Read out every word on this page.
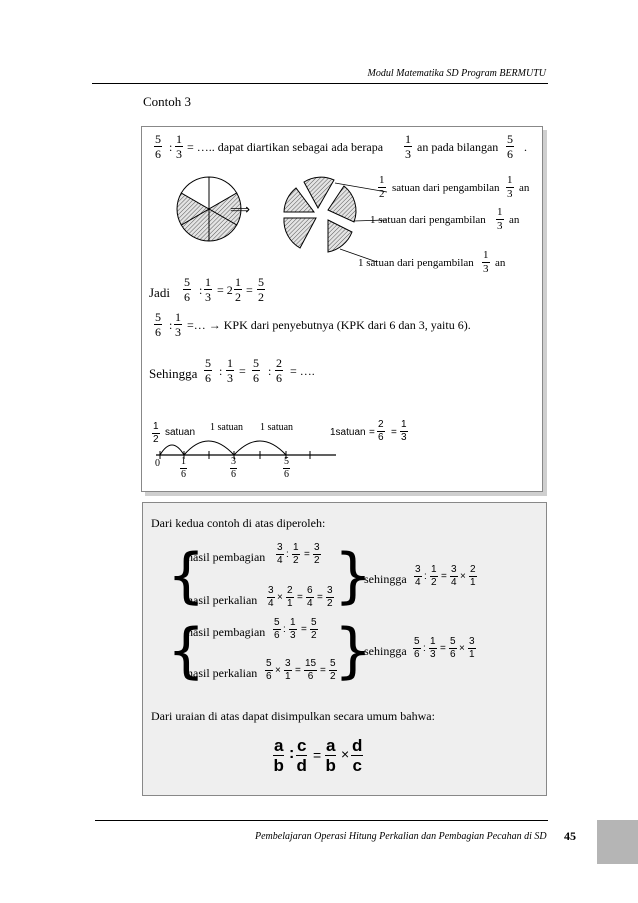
Modul Matematika SD Program BERMUTU
Contoh 3
$\frac{5}{6}$ : $\frac{1}{3}$ = ….. dapat diartikan sebagai ada berapa $\frac{1}{3}$ an pada bilangan $\frac{5}{6}$ .
⟹
$\frac{1}{2}$ satuan dari pengambilan $\frac{1}{3}$ an
1 satuan dari pengambilan $\frac{1}{3}$ an
1 satuan dari pengambilan $\frac{1}{3}$ an
Jadi $\frac{5}{6}$ : $\frac{1}{3} = 2 \frac{1}{2} = \frac{5}{2}$
$\frac{5}{6}$ : $\frac{1}{3}$ =… → KPK dari penyebutnya (KPK dari 6 dan 3, yaitu 6).
Sehingga $\frac{5}{6}$ : $\frac{1}{3} = \frac{5}{6}$ : $\frac{2}{6}$ = ….
$\frac{1}{2}$ satuan 1 satuan 1 satuan	1satuan = $\frac{2}{6} = \frac{1}{3}$
$0 \frac{1}{6}$	$\frac{3}{6}$	$\frac{5}{6}$
Dari kedua contoh di atas diperoleh:
{ }
hasil pembagian $\frac{3}{4}$ : $\frac{1}{2} = \frac{3}{2}$
hasil perkalian $\frac{3}{4} \times \frac{2}{1} = \frac{6}{4} = \frac{3}{2}$
sehingga $\frac{3}{4}$ : $\frac{1}{2} = \frac{3}{4} \times \frac{2}{1}$
{ }
hasil pembagian $\frac{5}{6}$ : $\frac{1}{3} = \frac{5}{2}$
hasil perkalian $\frac{5}{6} \times \frac{3}{1} = \frac{15}{6} = \frac{5}{2}$
sehingga $\frac{5}{6}$ : $\frac{1}{3} = \frac{5}{6} \times \frac{3}{1}$
Dari uraian di atas dapat disimpulkan secara umum bahwa:
$\frac{a}{b}$ : $\frac{c}{d} = \frac{a}{b} \times \frac{d}{c}$
Pembelajaran Operasi Hitung Perkalian dan Pembagian Pecahan di SD 45
